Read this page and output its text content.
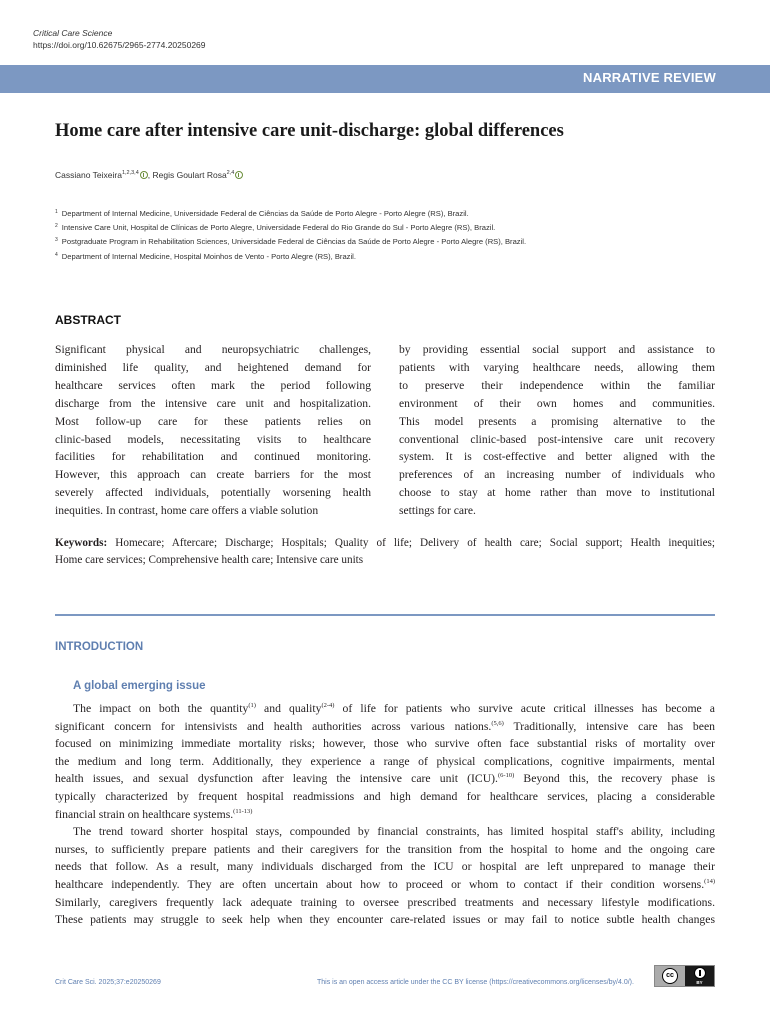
Critical Care Science
https://doi.org/10.62675/2965-2774.20250269
NARRATIVE REVIEW
Home care after intensive care unit-discharge: global differences
Cassiano Teixeira$^{1,2,3,4}$ , Regis Goulart Rosa$^{2,4}$
$^1$ Department of Internal Medicine, Universidade Federal de Ciências da Saúde de Porto Alegre - Porto Alegre (RS), Brazil.
$^2$ Intensive Care Unit, Hospital de Clínicas de Porto Alegre, Universidade Federal do Rio Grande do Sul - Porto Alegre (RS), Brazil.
$^3$ Postgraduate Program in Rehabilitation Sciences, Universidade Federal de Ciências da Saúde de Porto Alegre - Porto Alegre (RS), Brazil.
$^4$ Department of Internal Medicine, Hospital Moinhos de Vento - Porto Alegre (RS), Brazil.
ABSTRACT
Significant physical and neuropsychiatric challenges,
diminished life quality, and heightened demand for
healthcare services often mark the period following
discharge from the intensive care unit and hospitalization.
Most follow-up care for these patients relies on
clinic-based models, necessitating visits to healthcare
facilities for rehabilitation and continued monitoring.
However, this approach can create barriers for the most
severely affected individuals, potentially worsening health
inequities. In contrast, home care offers a viable solution
by providing essential social support and assistance to
patients with varying healthcare needs, allowing them
to preserve their independence within the familiar
environment of their own homes and communities.
This model presents a promising alternative to the
conventional clinic-based post-intensive care unit recovery
system. It is cost-effective and better aligned with the
preferences of an increasing number of individuals who
choose to stay at home rather than move to institutional
settings for care.
Keywords: Homecare; Aftercare; Discharge; Hospitals; Quality of life; Delivery of health care; Social support; Health inequities;
Home care services; Comprehensive health care; Intensive care units
INTRODUCTION
A global emerging issue
The impact on both the quantity$^{(1)}$ and quality$^{(2-4)}$ of life for patients who survive acute critical illnesses has become a
significant concern for intensivists and health authorities across various nations.$^{(5,6)}$ Traditionally, intensive care has been
focused on minimizing immediate mortality risks; however, those who survive often face substantial risks of mortality over
the medium and long term. Additionally, they experience a range of physical complications, cognitive impairments, mental
health issues, and sexual dysfunction after leaving the intensive care unit (ICU).$^{(6-10)}$ Beyond this, the recovery phase is
typically characterized by frequent hospital readmissions and high demand for healthcare services, placing a considerable
financial strain on healthcare systems.$^{(11-13)}$
The trend toward shorter hospital stays, compounded by financial constraints, has limited hospital staff's ability, including
nurses, to sufficiently prepare patients and their caregivers for the transition from the hospital to home and the ongoing care
needs that follow. As a result, many individuals discharged from the ICU or hospital are left unprepared to manage their
healthcare independently. They are often uncertain about how to proceed or whom to contact if their condition worsens.$^{(14)}$
Similarly, caregivers frequently lack adequate training to oversee prescribed treatments and necessary lifestyle modifications.
These patients may struggle to seek help when they encounter care-related issues or may fail to notice subtle health changes
Crit Care Sci. 2025;37:e20250269	This is an open access article under the CC BY license (https://creativecommons.org/licenses/by/4.0/).
cc
BY
